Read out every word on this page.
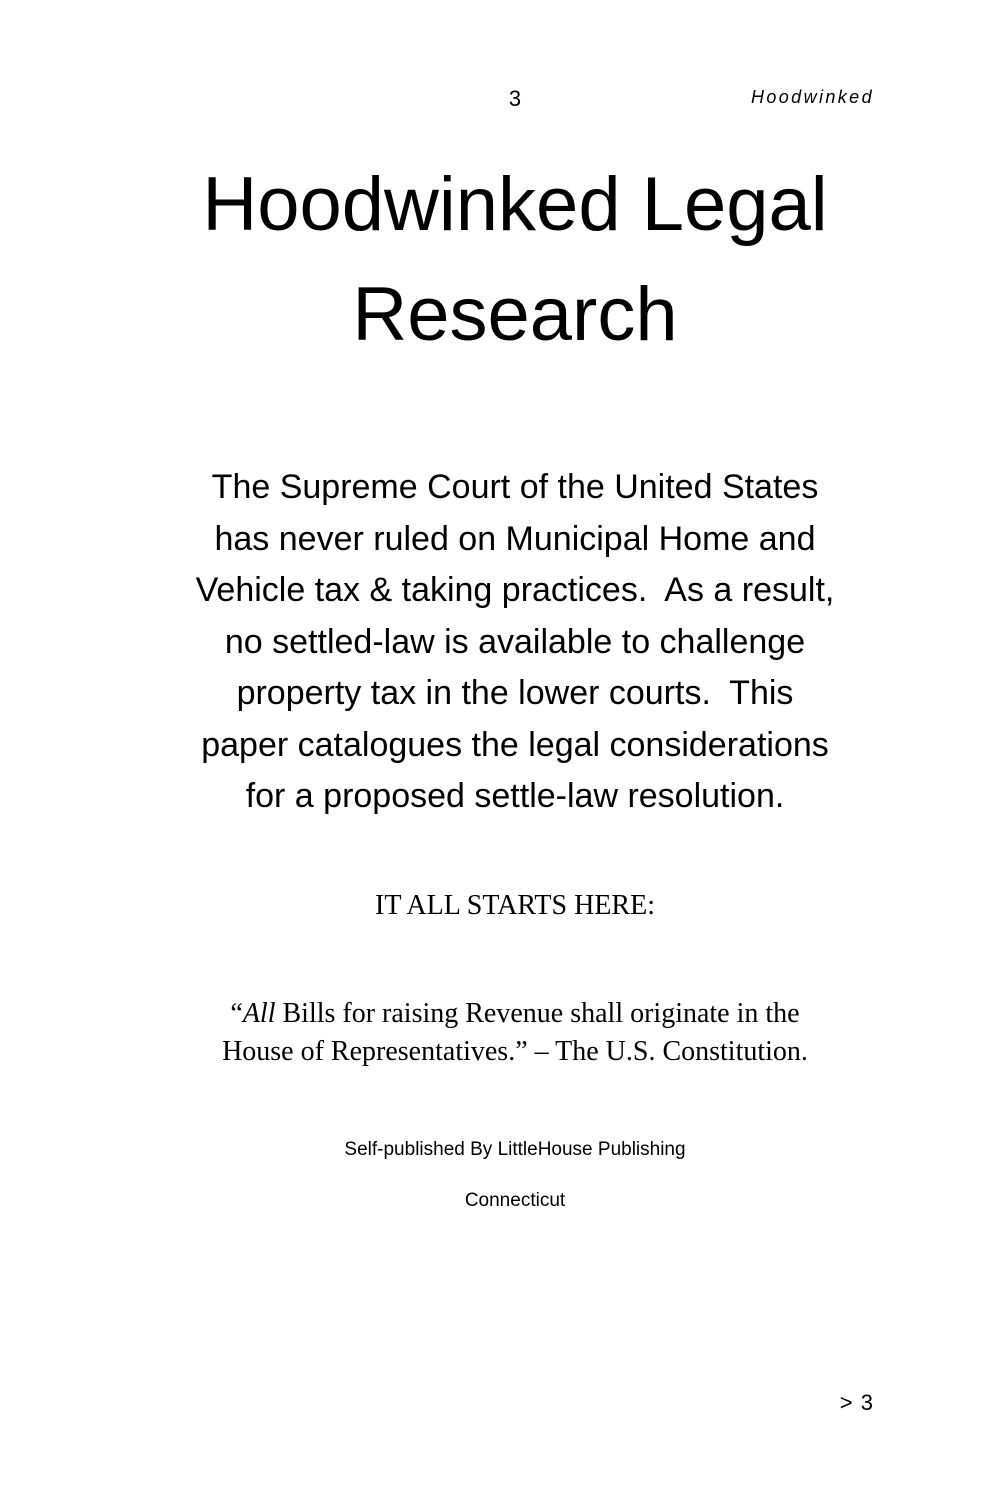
3	Hoodwinked
Hoodwinked Legal
Research
The Supreme Court of the United States
has never ruled on Municipal Home and
Vehicle tax & taking practices.  As a result,
no settled-law is available to challenge
property tax in the lower courts.  This
paper catalogues the legal considerations
for a proposed settle-law resolution.
IT ALL STARTS HERE:
“All Bills for raising Revenue shall originate in the
House of Representatives.” – The U.S. Constitution.
Self-published By LittleHouse Publishing
Connecticut
> 3
